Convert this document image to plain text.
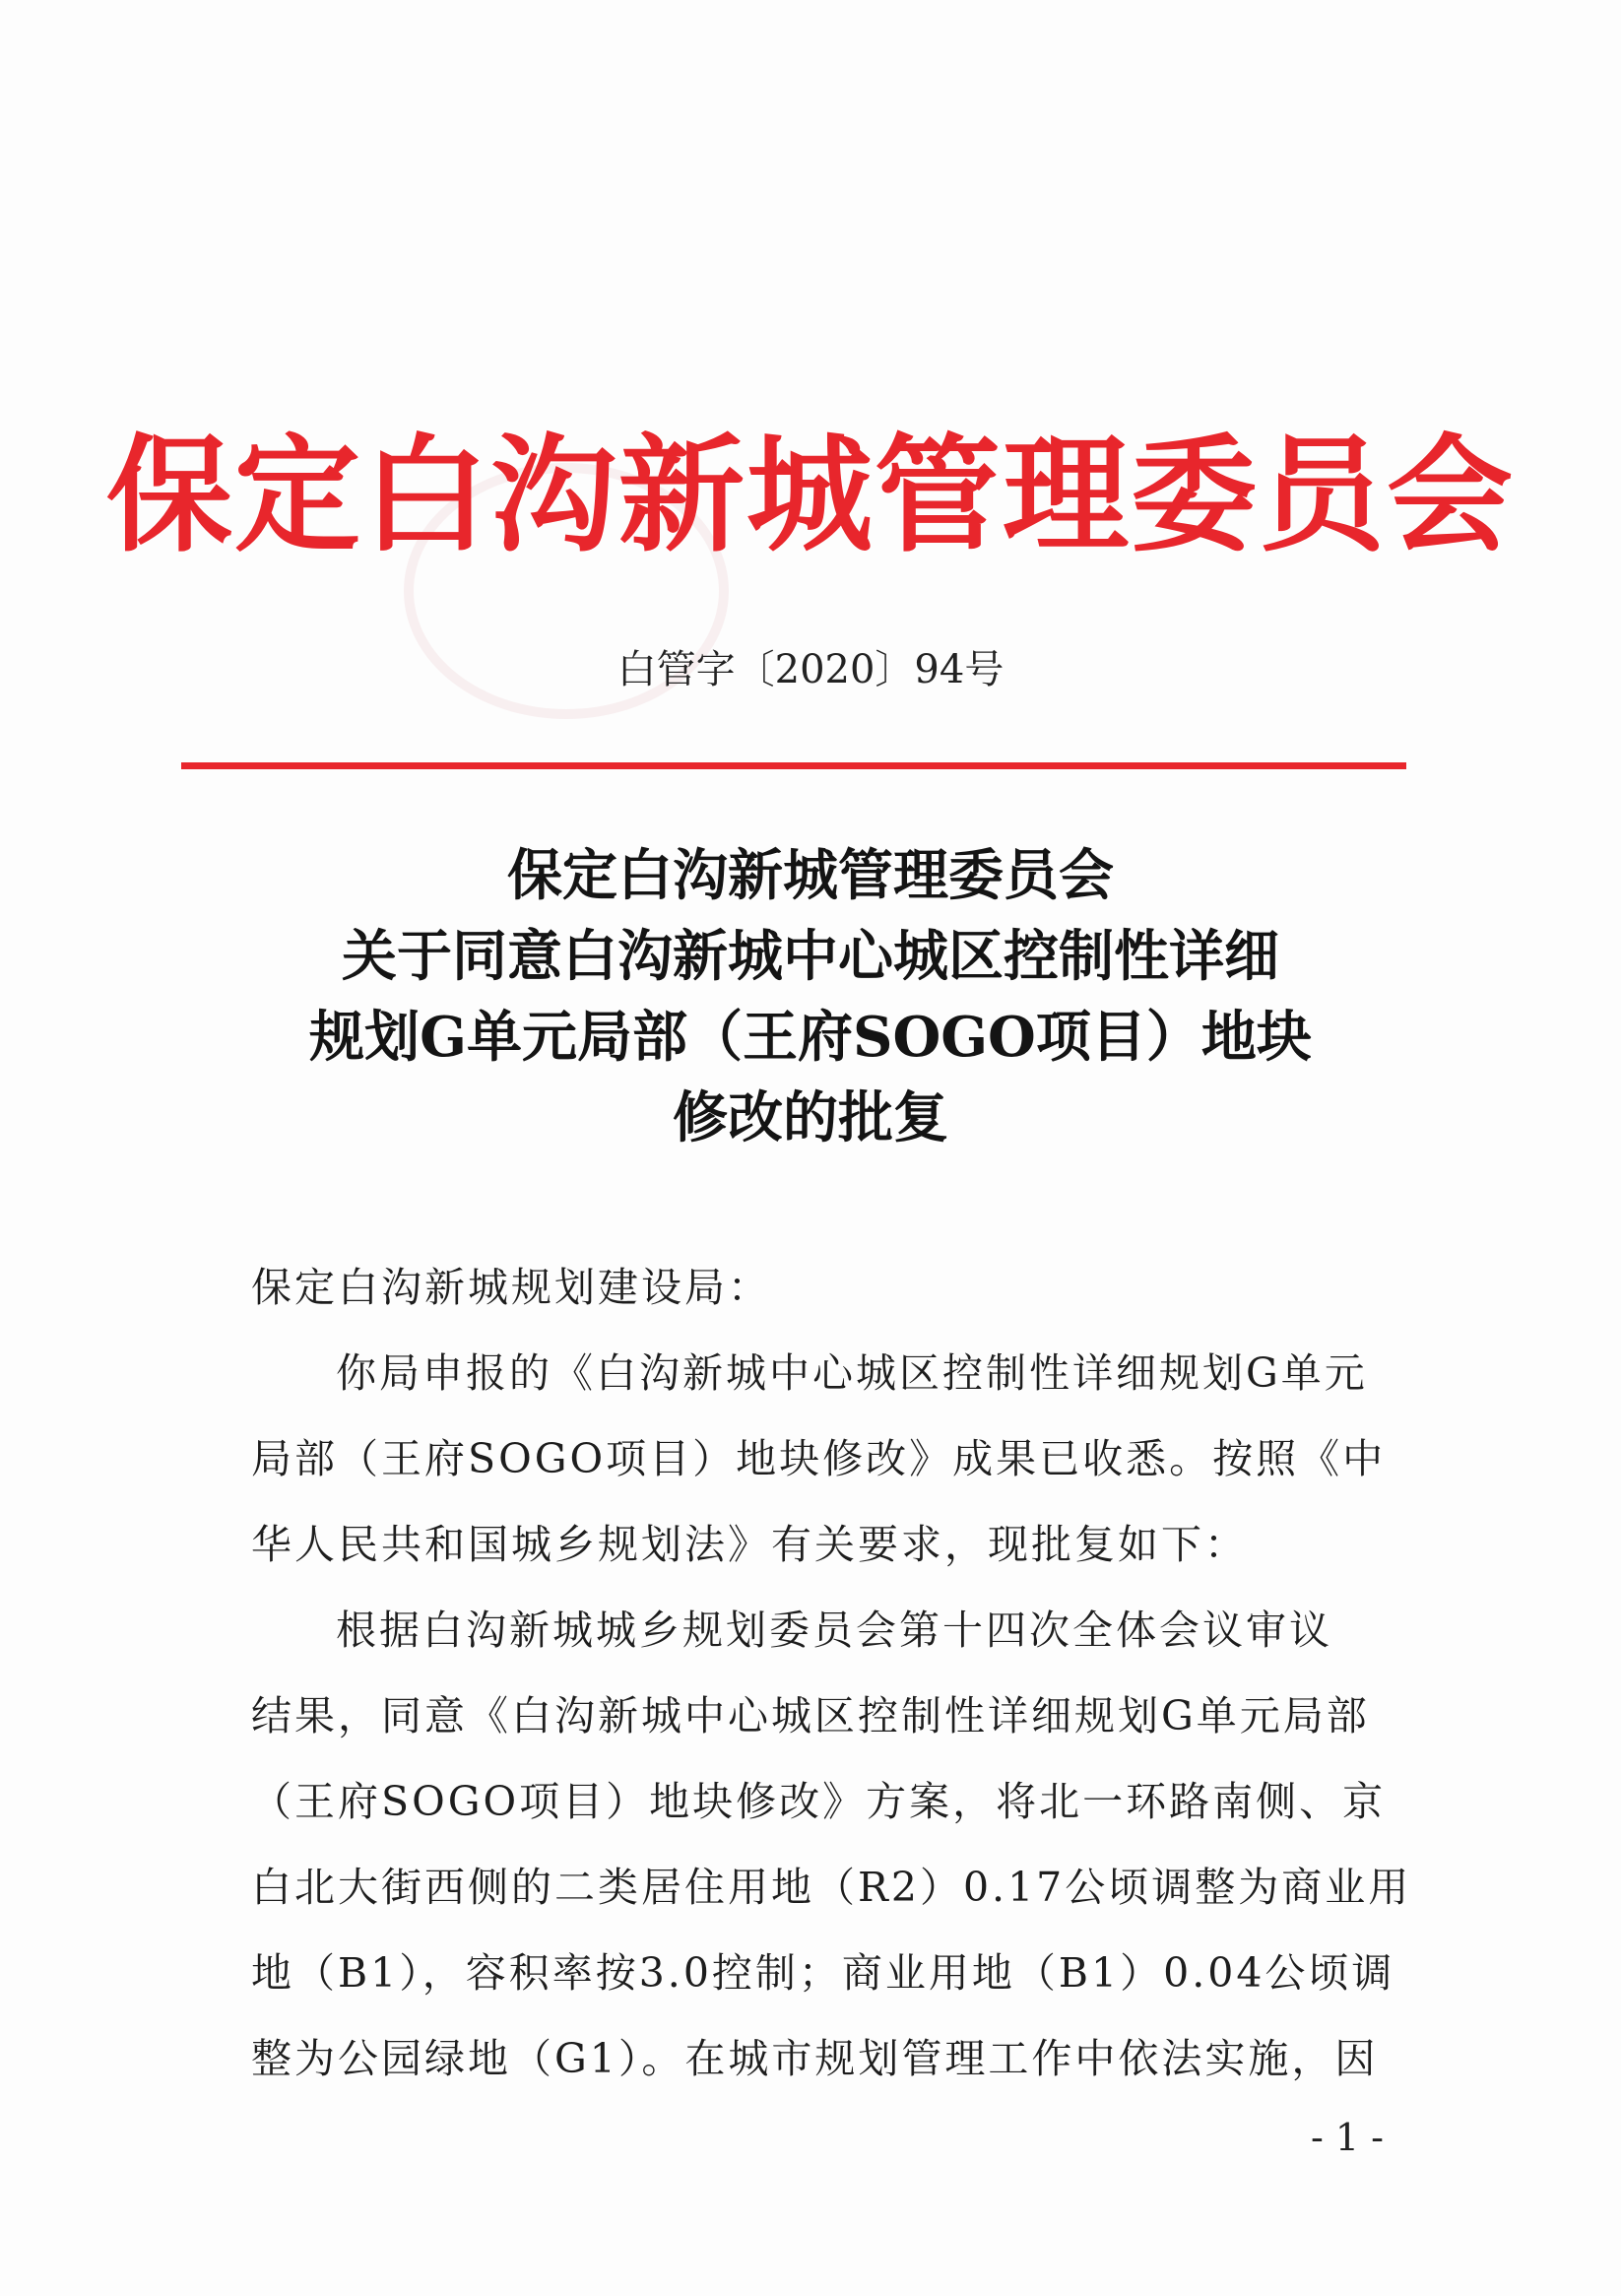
保定白沟新城管理委员会
白管字〔2020〕94号
保定白沟新城管理委员会
关于同意白沟新城中心城区控制性详细
规划G单元局部（王府SOGO项目）地块
修改的批复
保定白沟新城规划建设局：
你局申报的《白沟新城中心城区控制性详细规划G单元
局部（王府SOGO项目）地块修改》成果已收悉。按照《中
华人民共和国城乡规划法》有关要求，现批复如下：
根据白沟新城城乡规划委员会第十四次全体会议审议
结果，同意《白沟新城中心城区控制性详细规划G单元局部
（王府SOGO项目）地块修改》方案，将北一环路南侧、京
白北大街西侧的二类居住用地（R2）0.17公顷调整为商业用
地（B1），容积率按3.0控制；商业用地（B1）0.04公顷调
整为公园绿地（G1）。在城市规划管理工作中依法实施，因
- 1 -
